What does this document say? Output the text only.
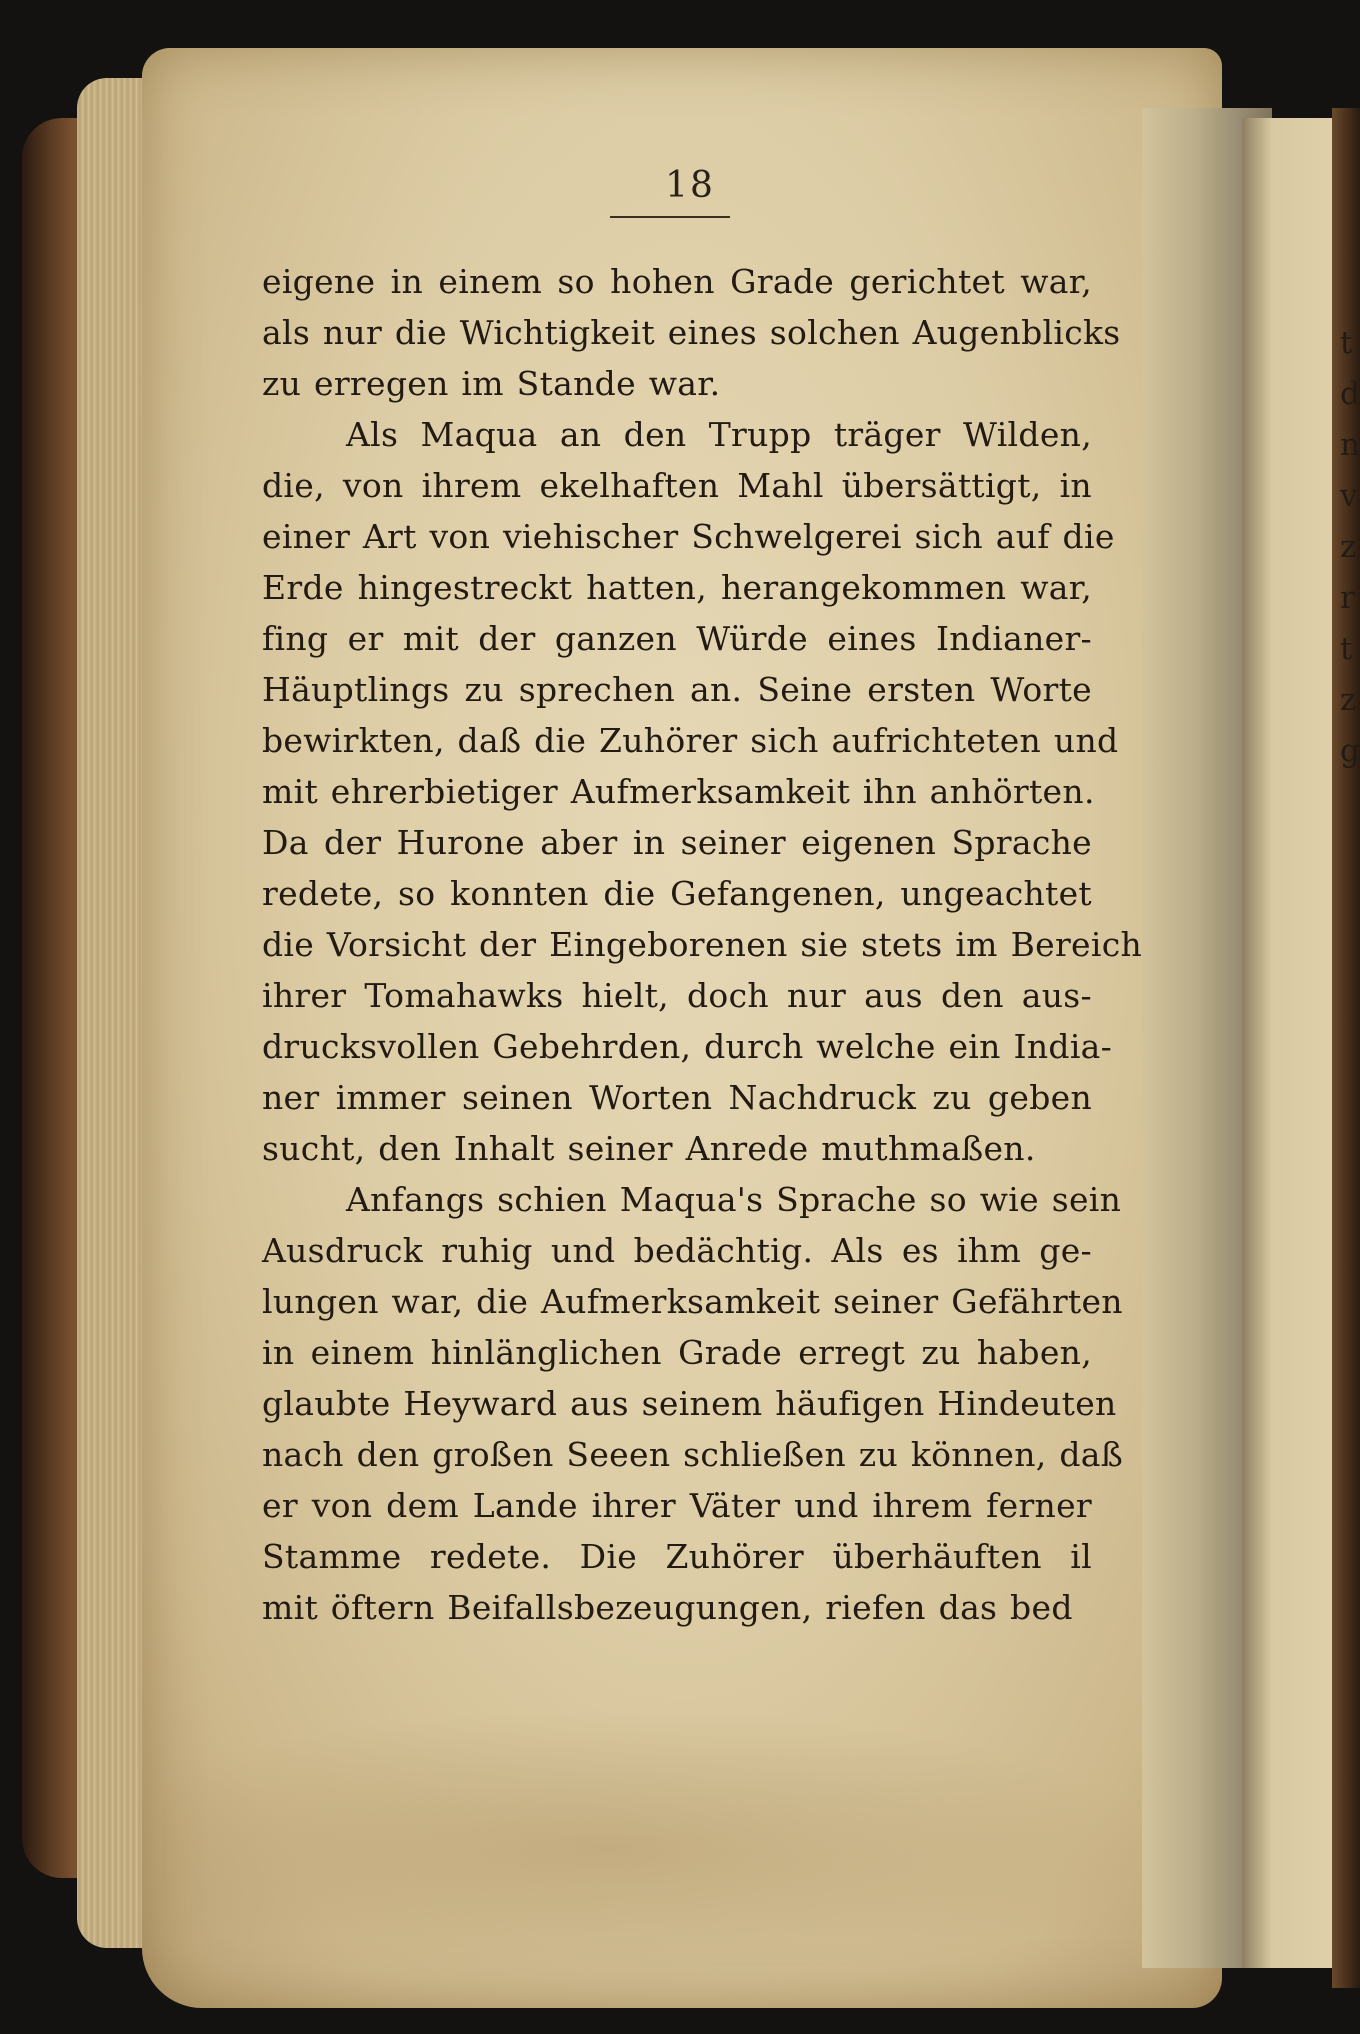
18
eigene in einem so hohen Grade gerichtet war,
als nur die Wichtigkeit eines solchen Augenblicks
zu erregen im Stande war.
Als Maqua an den Trupp träger Wilden,
die, von ihrem ekelhaften Mahl übersättigt, in
einer Art von viehischer Schwelgerei sich auf die
Erde hingestreckt hatten, herangekommen war,
fing er mit der ganzen Würde eines Indianer-
Häuptlings zu sprechen an. Seine ersten Worte
bewirkten, daß die Zuhörer sich aufrichteten und
mit ehrerbietiger Aufmerksamkeit ihn anhörten.
Da der Hurone aber in seiner eigenen Sprache
redete, so konnten die Gefangenen, ungeachtet
die Vorsicht der Eingeborenen sie stets im Bereich
ihrer Tomahawks hielt, doch nur aus den aus-
drucksvollen Gebehrden, durch welche ein India-
ner immer seinen Worten Nachdruck zu geben
sucht, den Inhalt seiner Anrede muthmaßen.
Anfangs schien Maqua's Sprache so wie sein
Ausdruck ruhig und bedächtig. Als es ihm ge-
lungen war, die Aufmerksamkeit seiner Gefährten
in einem hinlänglichen Grade erregt zu haben,
glaubte Heyward aus seinem häufigen Hindeuten
nach den großen Seeen schließen zu können, daß
er von dem Lande ihrer Väter und ihrem ferner
Stamme redete. Die Zuhörer überhäuften il
mit öftern Beifallsbezeugungen, riefen das bed
t
d
n
v
z
r
t
z
g
